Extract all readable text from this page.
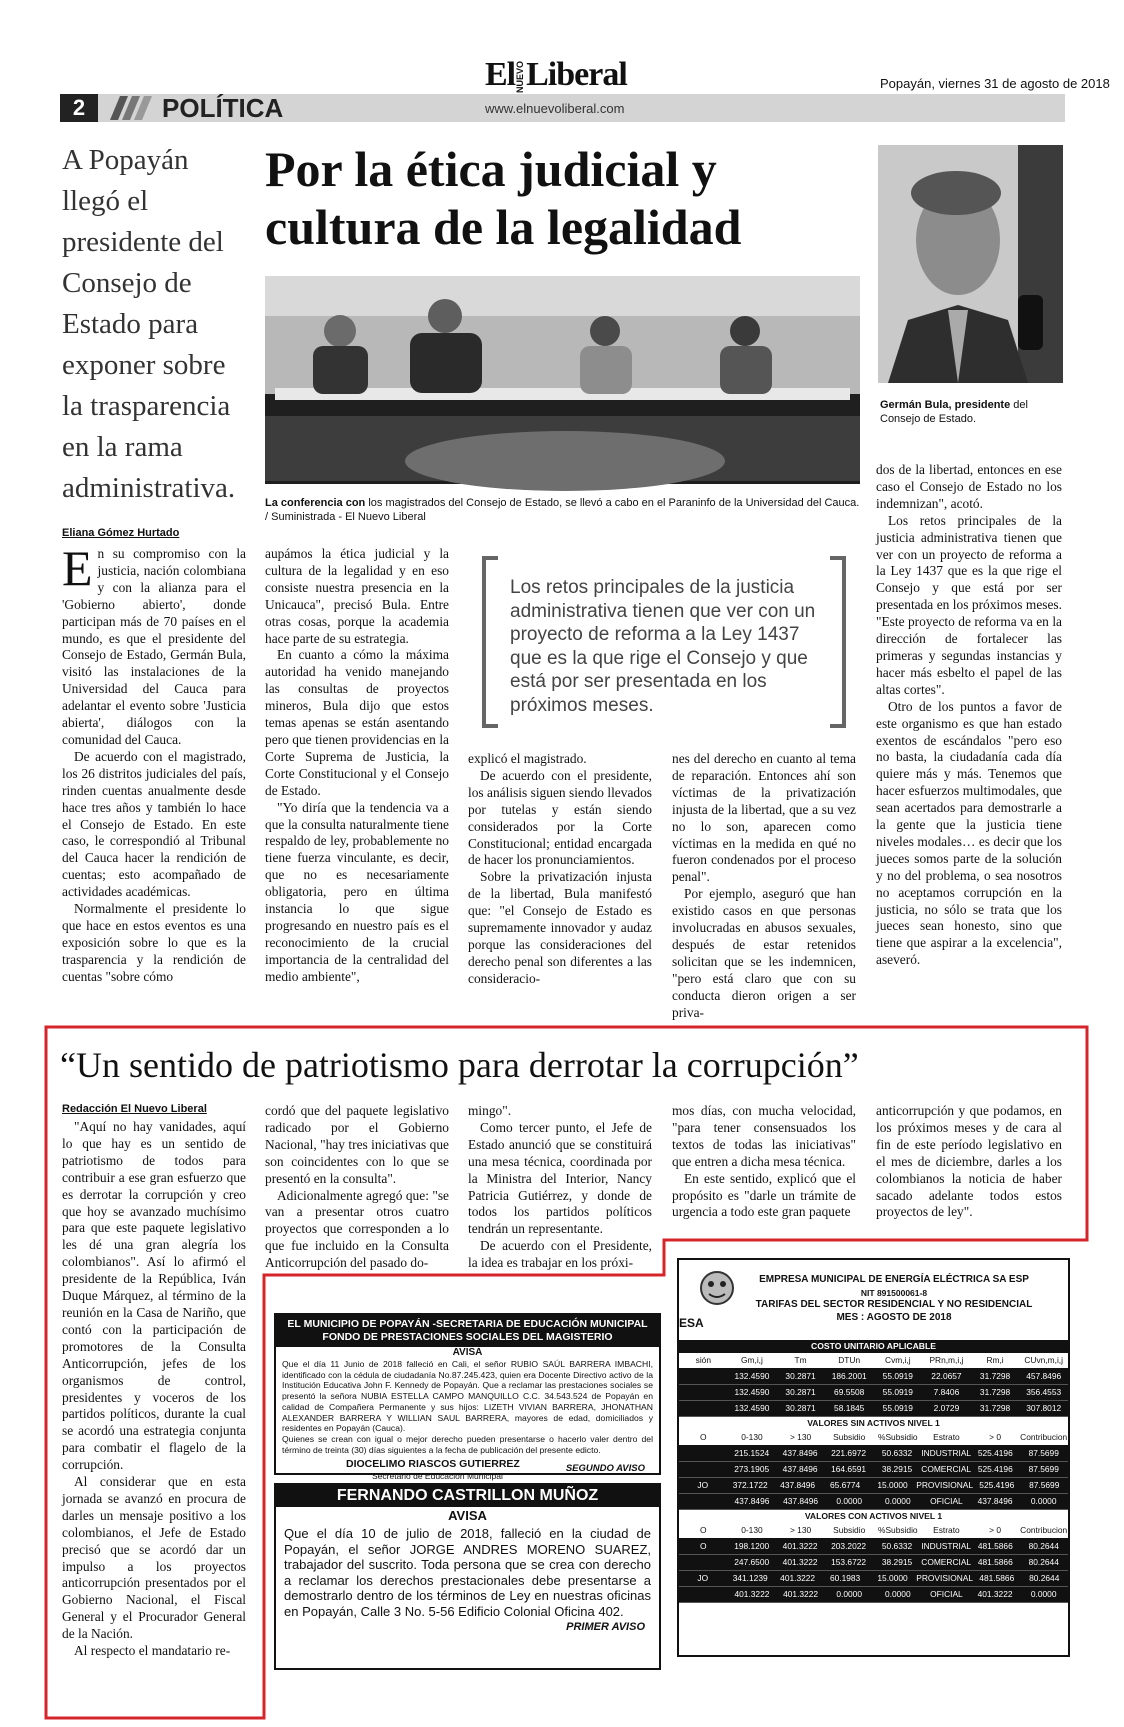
ElNUEVOLiberal	Popayán, viernes 31 de agosto de 2018
2	POLÍTICA	www.elnuevoliberal.com
A Popayán llegó el presidente del Consejo de Estado para exponer sobre la trasparencia en la rama administrativa.
Eliana Gómez Hurtado
Por la ética judicial y cultura de la legalidad
La conferencia con los magistrados del Consejo de Estado, se llevó a cabo en el Paraninfo de la Universidad del Cauca. / Suministrada - El Nuevo Liberal
Germán Bula, presidente del Consejo de Estado.
Los retos principales de la justicia administrativa tienen que ver con un proyecto de reforma a la Ley 1437 que es la que rige el Consejo y que está por ser presentada en los próximos meses.

En su compromiso con la justicia, nación colombiana y con la alianza para el 'Gobierno abierto', donde participan más de 70 países en el mundo, es que el presidente del Consejo de Estado, Germán Bula, visitó las instalaciones de la Universidad del Cauca para adelantar el evento sobre 'Justicia abierta', diálogos con la comunidad del Cauca.

De acuerdo con el magistrado, los 26 distritos judiciales del país, rinden cuentas anualmente desde hace tres años y también lo hace el Consejo de Estado. En este caso, le correspondió al Tribunal del Cauca hacer la rendición de cuentas; esto acompañado de actividades académicas.

Normalmente el presidente lo que hace en estos eventos es una exposición sobre lo que es la trasparencia y la rendición de cuentas "sobre cómo

aupámos la ética judicial y la cultura de la legalidad y en eso consiste nuestra presencia en la Unicauca", precisó Bula. Entre otras cosas, porque la academia hace parte de su estrategia.

En cuanto a cómo la máxima autoridad ha venido manejando las consultas de proyectos mineros, Bula dijo que estos temas apenas se están asentando pero que tienen providencias en la Corte Suprema de Justicia, la Corte Constitucional y el Consejo de Estado.

"Yo diría que la tendencia va a que la consulta naturalmente tiene respaldo de ley, probablemente no tiene fuerza vinculante, es decir, que no es necesariamente obligatoria, pero en última instancia lo que sigue progresando en nuestro país es el reconocimiento de la crucial importancia de la centralidad del medio ambiente",

explicó el magistrado.

De acuerdo con el presidente, los análisis siguen siendo llevados por tutelas y están siendo considerados por la Corte Constitucional; entidad encargada de hacer los pronunciamientos.

Sobre la privatización injusta de la libertad, Bula manifestó que: "el Consejo de Estado es supremamente innovador y audaz porque las consideraciones del derecho penal son diferentes a las consideracio-

nes del derecho en cuanto al tema de reparación. Entonces ahí son víctimas de la privatización injusta de la libertad, que a su vez no lo son, aparecen como víctimas en la medida en qué no fueron condenados por el proceso penal".

Por ejemplo, aseguró que han existido casos en que personas involucradas en abusos sexuales, después de estar retenidos solicitan que se les indemnicen, "pero está claro que con su conducta dieron origen a ser priva-

dos de la libertad, entonces en ese caso el Consejo de Estado no los indemnizan", acotó.

Los retos principales de la justicia administrativa tienen que ver con un proyecto de reforma a la Ley 1437 que es la que rige el Consejo y que está por ser presentada en los próximos meses. "Este proyecto de reforma va en la dirección de fortalecer las primeras y segundas instancias y hacer más esbelto el papel de las altas cortes".

Otro de los puntos a favor de este organismo es que han estado exentos de escándalos "pero eso no basta, la ciudadanía cada día quiere más y más. Tenemos que hacer esfuerzos multimodales, que sean acertados para demostrarle a la gente que la justicia tiene niveles modales… es decir que los jueces somos parte de la solución y no del problema, o sea nosotros no aceptamos corrupción en la justicia, no sólo se trata que los jueces sean honesto, sino que tiene que aspirar a la excelencia", aseveró.

“Un sentido de patriotismo para derrotar la corrupción”
Redacción El Nuevo Liberal

"Aquí no hay vanidades, aquí lo que hay es un sentido de patriotismo de todos para contribuir a ese gran esfuerzo que es derrotar la corrupción y creo que hoy se avanzado muchísimo para que este paquete legislativo les dé una gran alegría los colombianos". Así lo afirmó el presidente de la República, Iván Duque Márquez, al término de la reunión en la Casa de Nariño, que contó con la participación de promotores de la Consulta Anticorrupción, jefes de los organismos de control, presidentes y voceros de los partidos políticos, durante la cual se acordó una estrategia conjunta para combatir el flagelo de la corrupción.

Al considerar que en esta jornada se avanzó en procura de darles un mensaje positivo a los colombianos, el Jefe de Estado precisó que se acordó dar un impulso a los proyectos anticorrupción presentados por el Gobierno Nacional, el Fiscal General y el Procurador General de la Nación.

Al respecto el mandatario re-

cordó que del paquete legislativo radicado por el Gobierno Nacional, "hay tres iniciativas que son coincidentes con lo que se presentó en la consulta".

Adicionalmente agregó que: "se van a presentar otros cuatro proyectos que corresponden a lo que fue incluido en la Consulta Anticorrupción del pasado do-

mingo".

Como tercer punto, el Jefe de Estado anunció que se constituirá una mesa técnica, coordinada por la Ministra del Interior, Nancy Patricia Gutiérrez, y donde de todos los partidos políticos tendrán un representante.

De acuerdo con el Presidente, la idea es trabajar en los próxi-

mos días, con mucha velocidad, "para tener consensuados los textos de todas las iniciativas" que entren a dicha mesa técnica.

En este sentido, explicó que el propósito es "darle un trámite de urgencia a todo este gran paquete

anticorrupción y que podamos, en los próximos meses y de cara al fin de este período legislativo en el mes de diciembre, darles a los colombianos la noticia de haber sacado adelante todos estos proyectos de ley".

EL MUNICIPIO DE POPAYÁN -SECRETARIA DE EDUCACIÓN MUNICIPAL
FONDO DE PRESTACIONES SOCIALES DEL MAGISTERIO
AVISA
Que el día 11 Junio de 2018 falleció en Cali, el señor RUBIO SAÚL BARRERA IMBACHI, identificado con la cédula de ciudadanía No.87.245.423, quien era Docente Directivo activo de la Institución Educativa John F. Kennedy de Popayán. Que a reclamar las prestaciones sociales se presentó la señora NUBIA ESTELLA CAMPO MANQUILLO C.C. 34.543.524 de Popayán en calidad de Compañera Permanente y sus hijos: LIZETH VIVIAN BARRERA, JHONATHAN ALEXANDER BARRERA Y WILLIAN SAUL BARRERA, mayores de edad, domiciliados y residentes en Popayán (Cauca).
Quienes se crean con igual o mejor derecho pueden presentarse o hacerlo valer dentro del término de treinta (30) días siguientes a la fecha de publicación del presente edicto.
DIOCELIMO RIASCOS GUTIERREZ
Secretario de Educación Municipal
SEGUNDO AVISO
FERNANDO CASTRILLON MUÑOZ
AVISA
Que el día 10 de julio de 2018, falleció en la ciudad de Popayán, el señor JORGE ANDRES MORENO SUAREZ, trabajador del suscrito. Toda persona que se crea con derecho a reclamar los derechos prestacionales debe presentarse a demostrarlo dentro de los términos de Ley en nuestras oficinas en Popayán, Calle 3 No. 5-56 Edificio Colonial Oficina 402.
PRIMER AVISO
ESA
EMPRESA MUNICIPAL DE ENERGÍA ELÉCTRICA SA ESP
NIT 891500061-8
TARIFAS DEL SECTOR RESIDENCIAL Y NO RESIDENCIAL
MES : AGOSTO DE 2018
COSTO UNITARIO APLICABLE
sión	Gm,i,j	Tm	DTUn	Cvm,i,j	PRn,m,i,j	Rm,i	CUvn,m,i,j
132.4590	30.2871	186.2001	55.0919	22.0657	31.7298	457.8496
132.4590	30.2871	69.5508	55.0919	7.8406	31.7298	356.4553
132.4590	30.2871	58.1845	55.0919	2.0729	31.7298	307.8012
VALORES SIN ACTIVOS NIVEL 1
O	0-130	> 130	Subsidio	%Subsidio	Estrato	> 0	Contribucion
215.1524	437.8496	221.6972	50.6332	INDUSTRIAL 525.4196	87.5699
273.1905	437.8496	164.6591	38.2915	COMERCIAL 525.4196	87.5699
JO	372.1722	437.8496	65.6774	15.0000	PROVISIONAL 525.4196	87.5699
437.8496	437.8496	0.0000	0.0000	OFICIAL	437.8496	0.0000
VALORES CON ACTIVOS NIVEL 1
O	0-130	> 130	Subsidio	%Subsidio	Estrato	> 0	Contribucion
O	198.1200	401.3222	203.2022	50.6332	INDUSTRIAL 481.5866	80.2644
247.6500	401.3222	153.6722	38.2915	COMERCIAL 481.5866	80.2644
JO	341.1239	401.3222	60.1983	15.0000	PROVISIONAL 481.5866	80.2644
401.3222	401.3222	0.0000	0.0000	OFICIAL	401.3222	0.0000
